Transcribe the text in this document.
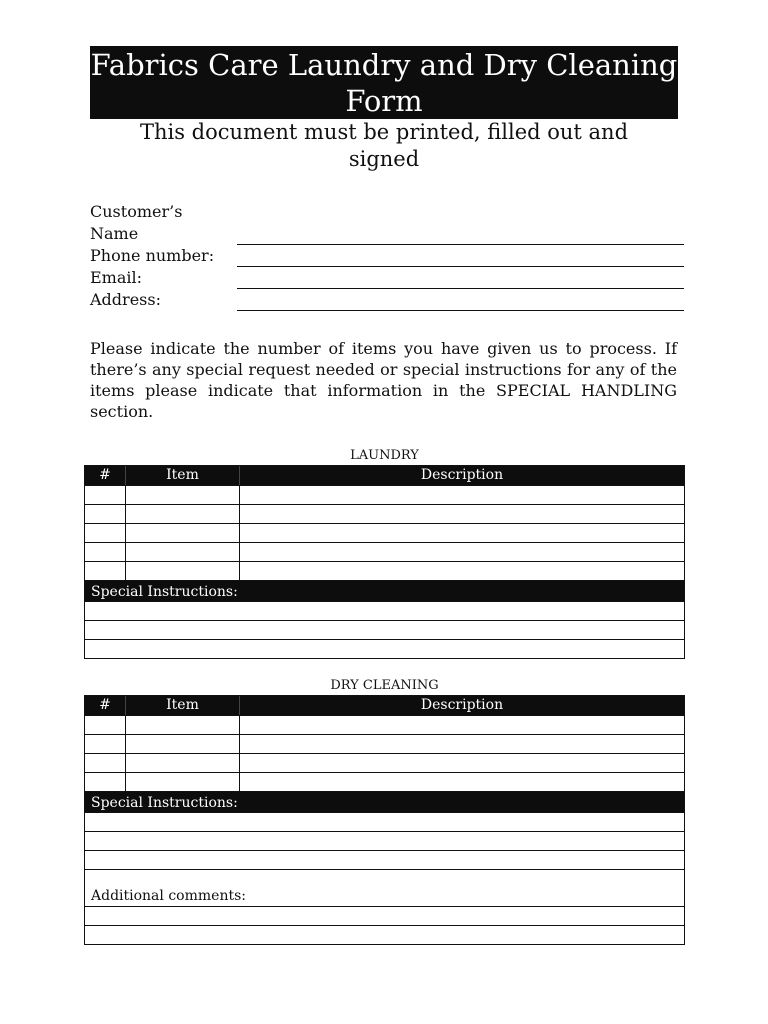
Fabrics Care Laundry and Dry Cleaning Form
This document must be printed, filled out and signed
Customer’s Name
Phone number:
Email:
Address:
Please indicate the number of items you have given us to process. If there’s any special request needed or special instructions for any of the items please indicate that information in the SPECIAL HANDLING section.
LAUNDRY
#	Item	Description
Special Instructions:
DRY CLEANING
#	Item	Description
Special Instructions:
Additional comments:
